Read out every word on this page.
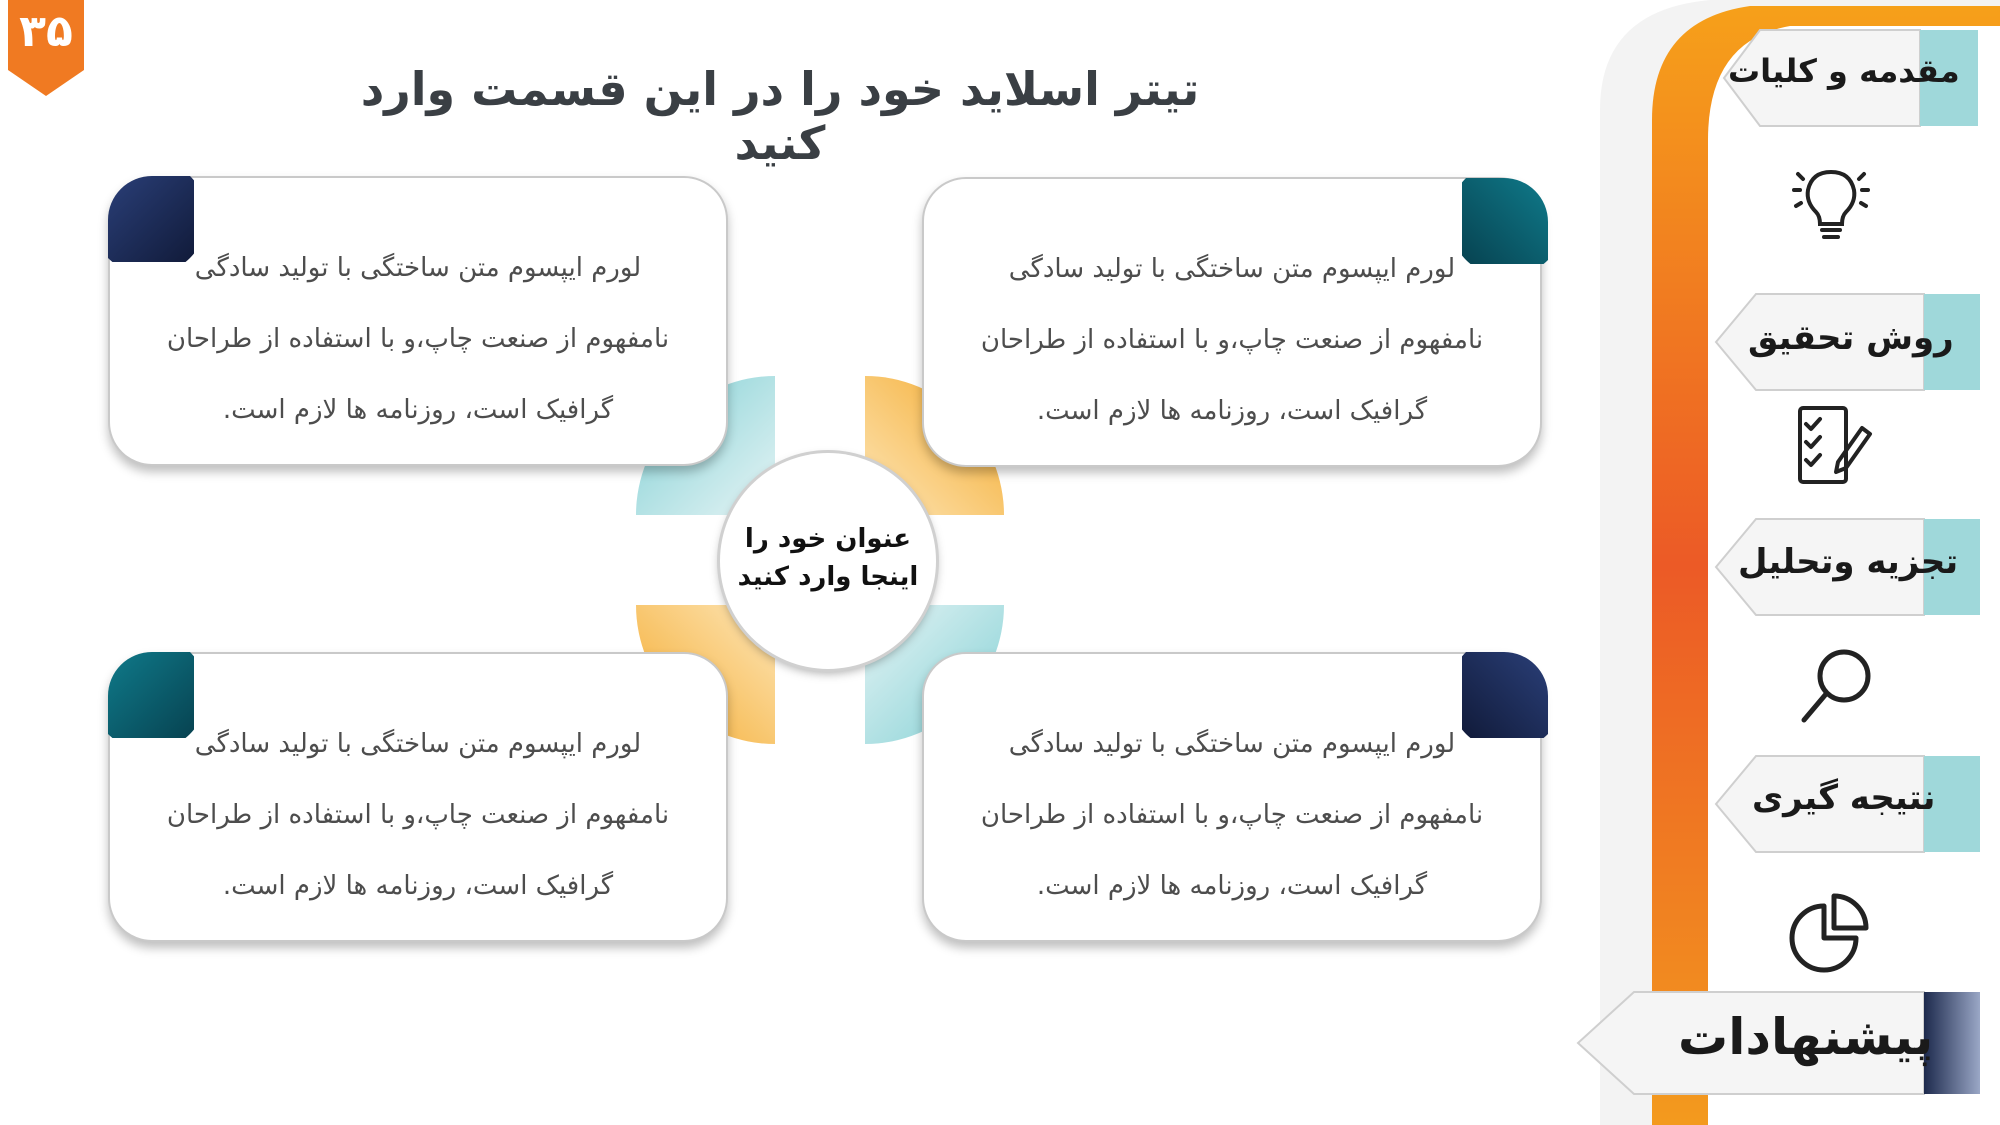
۳۵
تیتر اسلاید خود را در این قسمت وارد کنید
لورم ایپسوم متن ساختگی با تولید سادگی
نامفهوم از صنعت چاپ،و با استفاده از طراحان
گرافیک است، روزنامه ها لازم است.
لورم ایپسوم متن ساختگی با تولید سادگی
نامفهوم از صنعت چاپ،و با استفاده از طراحان
گرافیک است، روزنامه ها لازم است.
لورم ایپسوم متن ساختگی با تولید سادگی
نامفهوم از صنعت چاپ،و با استفاده از طراحان
گرافیک است، روزنامه ها لازم است.
لورم ایپسوم متن ساختگی با تولید سادگی
نامفهوم از صنعت چاپ،و با استفاده از طراحان
گرافیک است، روزنامه ها لازم است.
عنوان خود را
اینجا وارد کنید
مقدمه و کلیات
روش تحقیق
تجزیه وتحلیل
نتیجه گیری
پیشنهادات
